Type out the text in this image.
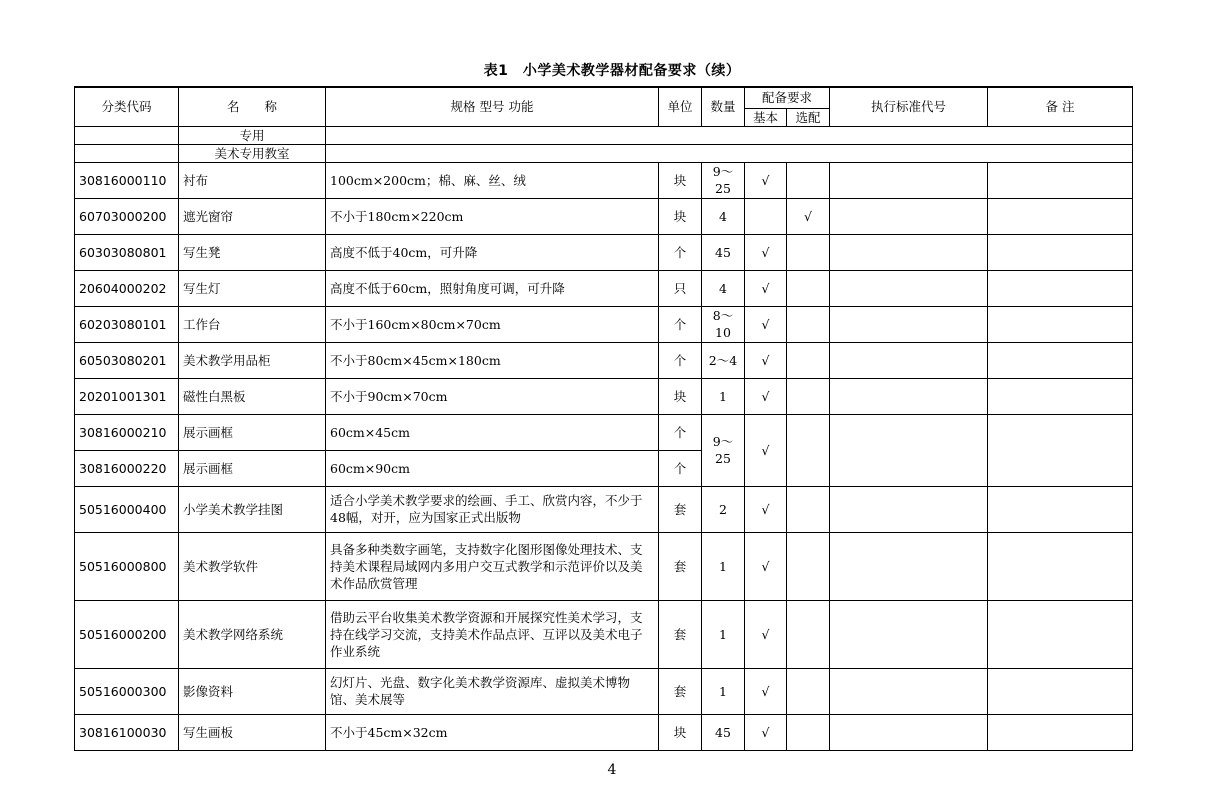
表1　小学美术教学器材配备要求（续）
分类代码	名　　称	规格 型号 功能	单位	数量	配备要求		执行标准代号	备 注
					基本	选配		
	专用							
	美术专用教室							
30816000110	衬布	100cm×200cm；棉、麻、丝、绒	块	9～25	√			
60703000200	遮光窗帘	不小于180cm×220cm	块	4		√		
60303080801	写生凳	高度不低于40cm，可升降	个	45	√			
20604000202	写生灯	高度不低于60cm，照射角度可调，可升降	只	4	√			
60203080101	工作台	不小于160cm×80cm×70cm	个	8～10	√			
60503080201	美术教学用品柜	不小于80cm×45cm×180cm	个	2～4	√			
20201001301	磁性白黑板	不小于90cm×70cm	块	1	√			
30816000210	展示画框	60cm×45cm	个	9～25	√			
30816000220	展示画框	60cm×90cm	个					
50516000400	小学美术教学挂图	适合小学美术教学要求的绘画、手工、欣赏内容，不少于48幅，对开，应为国家正式出版物	套	2	√			
50516000800	美术教学软件	具备多种类数字画笔，支持数字化图形图像处理技术、支持美术课程局域网内多用户交互式教学和示范评价以及美术作品欣赏管理	套	1	√			
50516000200	美术教学网络系统	借助云平台收集美术教学资源和开展探究性美术学习，支持在线学习交流，支持美术作品点评、互评以及美术电子作业系统	套	1	√			
50516000300	影像资料	幻灯片、光盘、数字化美术教学资源库、虚拟美术博物馆、美术展等	套	1	√			
30816100030	写生画板	不小于45cm×32cm	块	45	√			
4
